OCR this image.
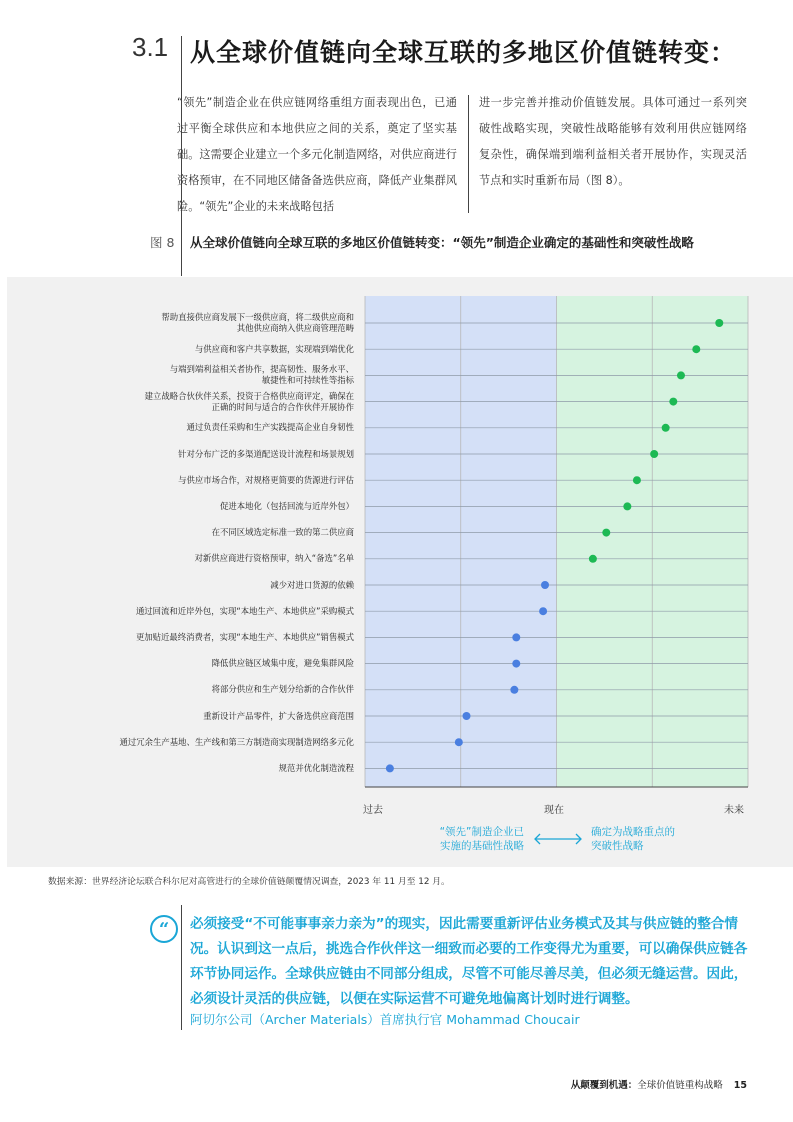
3.1 从全球价值链向全球互联的多地区价值链转变：
“领先”制造企业在供应链网络重组方面表现出色，已通过平衡全球供应和本地供应之间的关系，奠定了坚实基础。这需要企业建立一个多元化制造网络，对供应商进行资格预审，在不同地区储备备选供应商，降低产业集群风险。“领先”企业的未来战略包括
进一步完善并推动价值链发展。具体可通过一系列突破性战略实现，突破性战略能够有效利用供应链网络复杂性，确保端到端利益相关者开展协作，实现灵活节点和实时重新布局（图 8）。
图 8 从全球价值链向全球互联的多地区价值链转变：“领先”制造企业确定的基础性和突破性战略
帮助直接供应商发展下一级供应商，将二级供应商和
其他供应商纳入供应商管理范畴
与供应商和客户共享数据，实现端到端优化
与端到端利益相关者协作，提高韧性、服务水平、
敏捷性和可持续性等指标
建立战略合伙伙伴关系，投资于合格供应商评定，确保在
正确的时间与适合的合作伙伴开展协作
通过负责任采购和生产实践提高企业自身韧性
针对分布广泛的多渠道配送设计流程和场景规划
与供应市场合作，对规格更简要的货源进行评估
促进本地化（包括回流与近岸外包）
在不同区域选定标准一致的第二供应商
对新供应商进行资格预审，纳入“备选”名单
减少对进口货源的依赖
通过回流和近岸外包，实现“本地生产、本地供应”采购模式
更加贴近最终消费者，实现“本地生产、本地供应”销售模式
降低供应链区域集中度，避免集群风险
将部分供应和生产划分给新的合作伙伴
重新设计产品零件，扩大备选供应商范围
通过冗余生产基地、生产线和第三方制造商实现制造网络多元化
规范并优化制造流程
过去	现在	未来
“领先”制造企业已
实施的基础性战略
确定为战略重点的
突破性战略
数据来源：世界经济论坛联合科尔尼对高管进行的全球价值链颠覆情况调查，2023 年 11 月至 12 月。
“	必须接受“不可能事事亲力亲为”的现实，因此需要重新评估业务模式及其与供应链的整合情况。认识到这一点后，挑选合作伙伴这一细致而必要的工作变得尤为重要，可以确保供应链各环节协同运作。全球供应链由不同部分组成，尽管不可能尽善尽美，但必须无缝运营。因此，必须设计灵活的供应链，以便在实际运营不可避免地偏离计划时进行调整。
阿切尔公司（Archer Materials）首席执行官 Mohammad Choucair
从颠覆到机遇：全球价值链重构战略 15
